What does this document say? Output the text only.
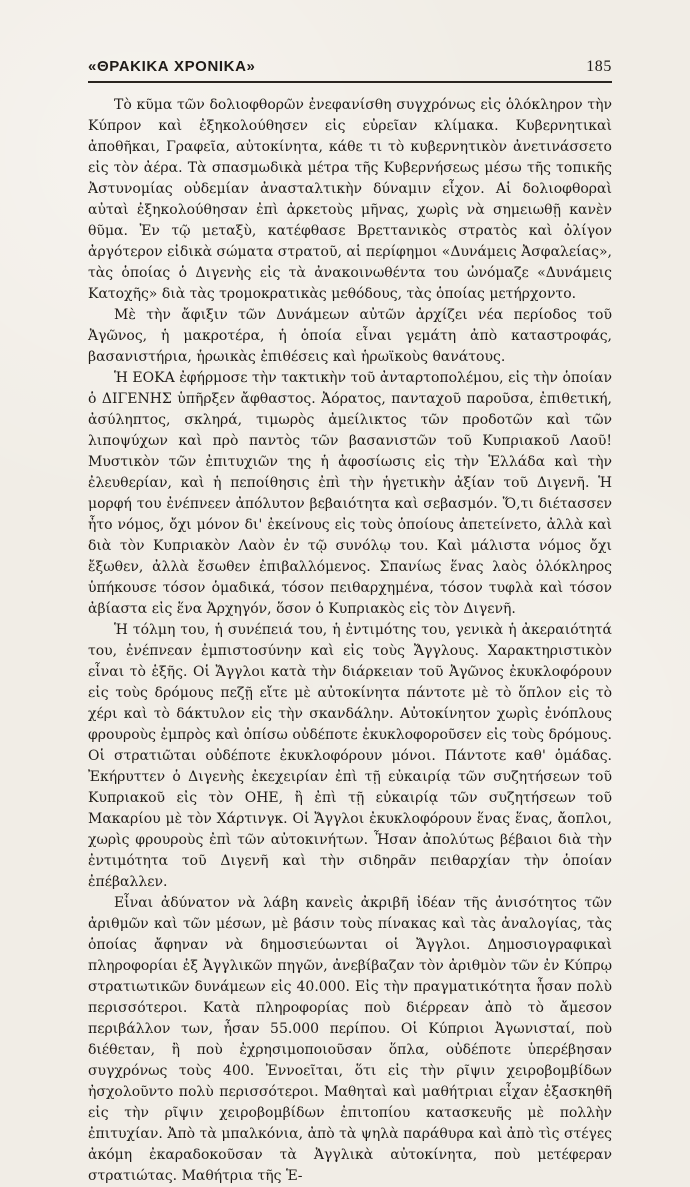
«ΘΡΑΚΙΚΑ ΧΡΟΝΙΚΑ»	185

Τὸ κῦμα τῶν δολιοφθορῶν ἐνεφανίσθη συγχρόνως εἰς ὁλόκληρον τὴν Κύπρον καὶ ἐξηκολούθησεν εἰς εὐρεῖαν κλίμακα. Κυβερνητικαὶ ἀποθῆκαι, Γραφεῖα, αὐτοκίνητα, κάθε τι τὸ κυβερνητικὸν ἀνετινάσσετο εἰς τὸν ἀέρα. Τὰ σπασμωδικὰ μέτρα τῆς Κυβερνήσεως μέσω τῆς τοπικῆς Ἀστυνομίας οὐδεμίαν ἀνασταλτικὴν δύναμιν εἶχον. Αἱ δολιοφθοραὶ αὐταὶ ἐξηκολούθησαν ἐπὶ ἀρκετοὺς μῆνας, χωρὶς νὰ σημειωθῇ κανὲν θῦμα. Ἐν τῷ μεταξὺ, κατέφθασε Βρεττανικὸς στρατὸς καὶ ὀλίγον ἀργότερον εἰδικὰ σώματα στρατοῦ, αἱ περίφημοι «Δυνάμεις Ἀσφαλείας», τὰς ὁποίας ὁ Διγενὴς εἰς τὰ ἀνακοινωθέντα του ὠνόμαζε «Δυνάμεις Κατοχῆς» διὰ τὰς τρομοκρατικὰς μεθόδους, τὰς ὁποίας μετήρχοντο.

Μὲ τὴν ἄφιξιν τῶν Δυνάμεων αὐτῶν ἀρχίζει νέα περίοδος τοῦ Ἀγῶνος, ἡ μακροτέρα, ἡ ὁποία εἶναι γεμάτη ἀπὸ καταστροφάς, βασανιστήρια, ἡρωικὰς ἐπιθέσεις καὶ ἡρωϊκοὺς θανάτους.

Ἡ ΕΟΚΑ ἐφήρμοσε τὴν τακτικὴν τοῦ ἀνταρτοπολέμου, εἰς τὴν ὁποίαν ὁ ΔΙΓΕΝΗΣ ὑπῆρξεν ἄφθαστος. Ἀόρατος, πανταχοῦ παροῦσα, ἐπιθετική, ἀσύληπτος, σκληρά, τιμωρὸς ἀμείλικτος τῶν προδοτῶν καὶ τῶν λιποψύχων καὶ πρὸ παντὸς τῶν βασανιστῶν τοῦ Κυπριακοῦ Λαοῦ! Μυστικὸν τῶν ἐπιτυχιῶν της ἡ ἀφοσίωσις εἰς τὴν Ἑλλάδα καὶ τὴν ἐλευθερίαν, καὶ ἡ πεποίθησις ἐπὶ τὴν ἡγετικὴν ἀξίαν τοῦ Διγενῆ. Ἡ μορφή του ἐνέπνεεν ἀπόλυτον βεβαιότητα καὶ σεβασμόν. Ὅ,τι διέτασσεν ἦτο νόμος, ὄχι μόνον δι' ἐκείνους εἰς τοὺς ὁποίους ἀπετείνετο, ἀλλὰ καὶ διὰ τὸν Κυπριακὸν Λαὸν ἐν τῷ συνόλῳ του. Καὶ μάλιστα νόμος ὄχι ἔξωθεν, ἀλλὰ ἔσωθεν ἐπιβαλλόμενος. Σπανίως ἕνας λαὸς ὁλόκληρος ὑπήκουσε τόσον ὁμαδικά, τόσον πειθαρχημένα, τόσον τυφλὰ καὶ τόσον ἀβίαστα εἰς ἕνα Ἀρχηγόν, ὅσον ὁ Κυπριακὸς εἰς τὸν Διγενῆ.

Ἡ τόλμη του, ἡ συνέπειά του, ἡ ἐντιμότης του, γενικὰ ἡ ἀκεραιότητά του, ἐνέπνεαν ἐμπιστοσύνην καὶ εἰς τοὺς Ἄγγλους. Χαρακτηριστικὸν εἶναι τὸ ἑξῆς. Οἱ Ἄγγλοι κατὰ τὴν διάρκειαν τοῦ Ἀγῶνος ἐκυκλοφόρουν εἰς τοὺς δρόμους πεζῇ εἴτε μὲ αὐτοκίνητα πάντοτε μὲ τὸ ὅπλον εἰς τὸ χέρι καὶ τὸ δάκτυλον εἰς τὴν σκανδάλην. Αὐτοκίνητον χωρὶς ἐνόπλους φρουροὺς ἐμπρὸς καὶ ὀπίσω οὐδέποτε ἐκυκλοφοροῦσεν εἰς τοὺς δρόμους. Οἱ στρατιῶται οὐδέποτε ἐκυκλοφόρουν μόνοι. Πάντοτε καθ' ὁμάδας. Ἐκήρυττεν ὁ Διγενὴς ἐκεχειρίαν ἐπὶ τῇ εὐκαιρίᾳ τῶν συζητήσεων τοῦ Κυπριακοῦ εἰς τὸν ΟΗΕ, ἢ ἐπὶ τῇ εὐκαιρίᾳ τῶν συζητήσεων τοῦ Μακαρίου μὲ τὸν Χάρτινγκ. Οἱ Ἄγγλοι ἐκυκλοφόρουν ἕνας ἕνας, ἄοπλοι, χωρὶς φρουροὺς ἐπὶ τῶν αὐτοκινήτων. Ἦσαν ἀπολύτως βέβαιοι διὰ τὴν ἐντιμότητα τοῦ Διγενῆ καὶ τὴν σιδηρᾶν πειθαρχίαν τὴν ὁποίαν ἐπέβαλλεν.

Εἶναι ἀδύνατον νὰ λάβη κανεὶς ἀκριβῆ ἰδέαν τῆς ἀνισότητος τῶν ἀριθμῶν καὶ τῶν μέσων, μὲ βάσιν τοὺς πίνακας καὶ τὰς ἀναλογίας, τὰς ὁποίας ἄφηναν νὰ δημοσιεύωνται οἱ Ἄγγλοι. Δημοσιογραφικαὶ πληροφορίαι ἐξ Ἀγγλικῶν πηγῶν, ἀνεβίβαζαν τὸν ἀριθμὸν τῶν ἐν Κύπρῳ στρατιωτικῶν δυνάμεων εἰς 40.000. Εἰς τὴν πραγματικότητα ἦσαν πολὺ περισσότεροι. Κατὰ πληροφορίας ποὺ διέρρεαν ἀπὸ τὸ ἄμεσον περιβάλλον των, ἦσαν 55.000 περίπου. Οἱ Κύπριοι Ἀγωνισταί, ποὺ διέθεταν, ἢ ποὺ ἐχρησιμοποιοῦσαν ὅπλα, οὐδέποτε ὑπερέβησαν συγχρόνως τοὺς 400. Ἐννοεῖται, ὅτι εἰς τὴν ρῖψιν χειροβομβίδων ἠσχολοῦντο πολὺ περισσότεροι. Μαθηταὶ καὶ μαθήτριαι εἶχαν ἐξασκηθῆ εἰς τὴν ρῖψιν χειροβομβίδων ἐπιτοπίου κατασκευῆς μὲ πολλὴν ἐπιτυχίαν. Ἀπὸ τὰ μπαλκόνια, ἀπὸ τὰ ψηλὰ παράθυρα καὶ ἀπὸ τὶς στέγες ἀκόμη ἐκαραδοκοῦσαν τὰ Ἀγγλικὰ αὐτοκίνητα, ποὺ μετέφεραν στρατιώτας. Μαθήτρια τῆς Ἑ-
